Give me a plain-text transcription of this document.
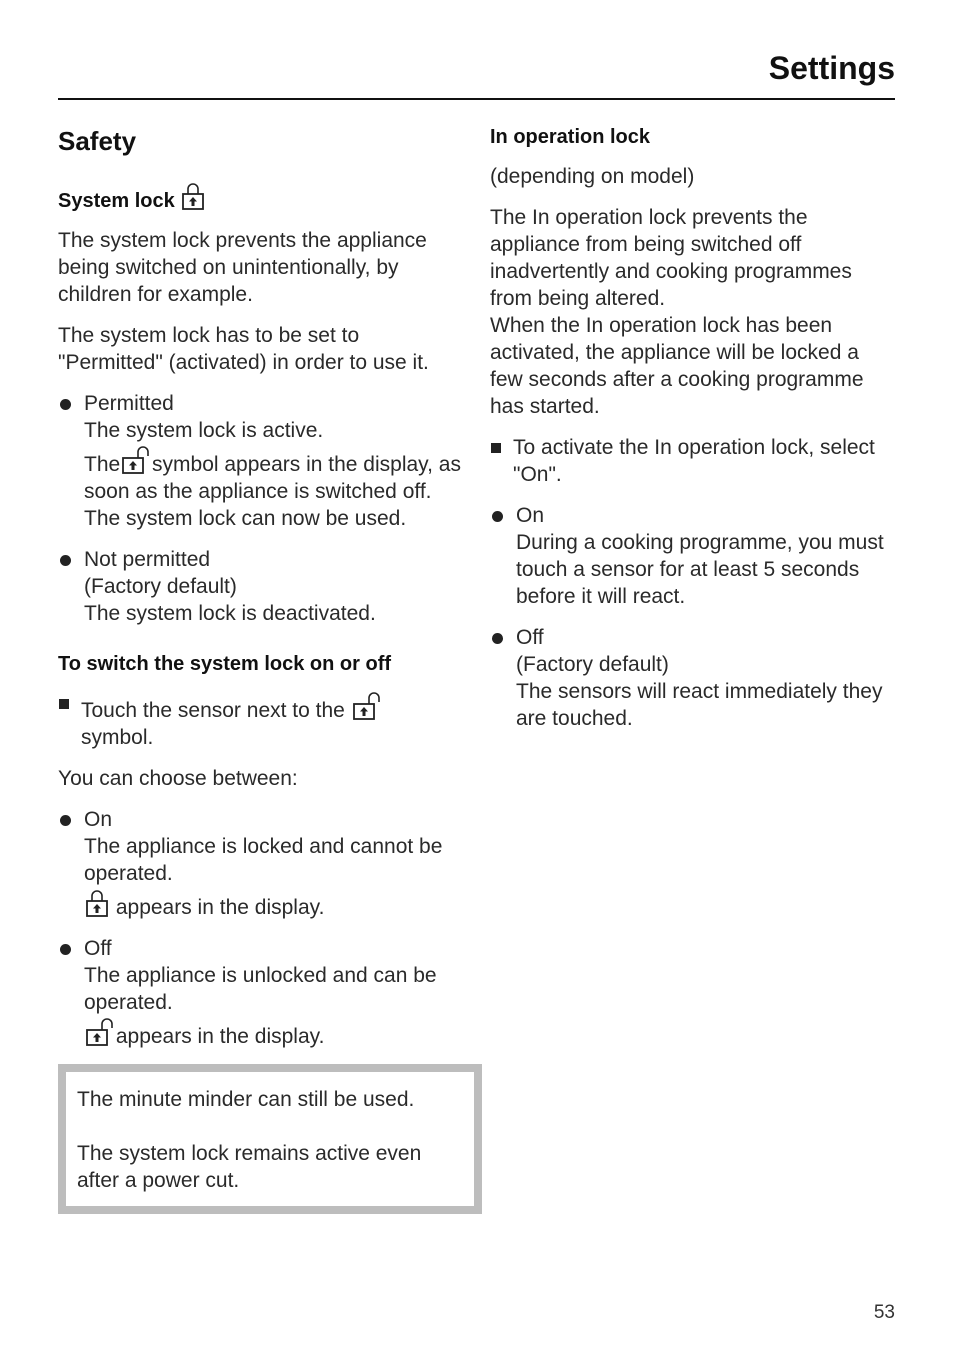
Settings
Safety
System lock

The system lock prevents the appliance being switched on unintentionally, by children for example.

The system lock has to be set to "Permitted" (activated) in order to use it.

Permitted
The system lock is active.
The
symbol appears in the display, as soon as the appliance is switched off. The system lock can now be used.
Not permitted
(Factory default)
The system lock is deactivated.
To switch the system lock on or off
Touch the sensor next to the
symbol.

You can choose between:

On
The appliance is locked and cannot be operated.
appears in the display.
Off
The appliance is unlocked and can be operated.
appears in the display.

The minute minder can still be used.

The system lock remains active even after a power cut.

In operation lock

(depending on model)

The In operation lock prevents the appliance from being switched off inadvertently and cooking programmes from being altered.
When the In operation lock has been activated, the appliance will be locked a few seconds after a cooking programme has started.

To activate the In operation lock, select "On".
On
During a cooking programme, you must touch a sensor for at least 5 seconds before it will react.
Off
(Factory default)
The sensors will react immediately they are touched.
53
